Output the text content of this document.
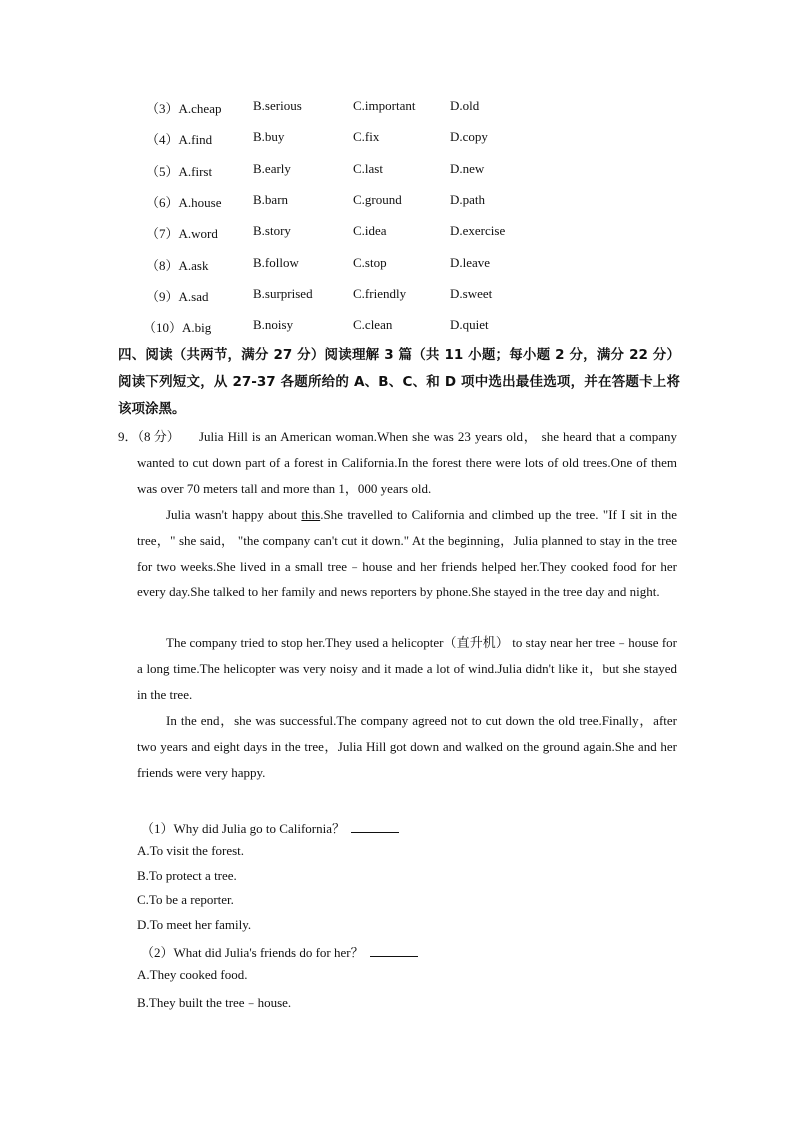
（3）A.cheap B.serious	C.important	D.old
（4）A.find	B.buy	C.fix	D.copy
（5）A.first	B.early	C.last	D.new
（6）A.house B.barn	C.ground	D.path
（7）A.word	B.story	C.idea	D.exercise
（8）A.ask	B.follow	C.stop	D.leave
（9）A.sad	B.surprised	C.friendly	D.sweet
（10）A.big	B.noisy	C.clean	D.quiet
四、阅读（共两节，满分 27 分）阅读理解 3 篇（共 11 小题；每小题 2 分，满分 22 分）阅读下列短文，从 27-37 各题所给的 A、B、C、和 D 项中选出最佳选项，并在答题卡上将该项涂黑。
9．（8 分）	Julia Hill is an American woman.When she was 23 years old， she heard that a company wanted to cut down part of a forest in California.In the forest there were lots of old trees.One of them was over 70 meters tall and more than 1，000 years old.
Julia wasn't happy about this.She travelled to California and climbed up the tree. "If I sit in the tree，" she said， "the company can't cut it down." At the beginning，Julia planned to stay in the tree for two weeks.She lived in a small tree﹣house and her friends helped her.They cooked food for her every day.She talked to her family and news reporters by phone.She stayed in the tree day and night.
The company tried to stop her.They used a helicopter（直升机） to stay near her tree﹣house for a long time.The helicopter was very noisy and it made a lot of wind.Julia didn't like it，but she stayed in the tree.
In the end，she was successful.The company agreed not to cut down the old tree.Finally，after two years and eight days in the tree，Julia Hill got down and walked on the ground again.She and her friends were very happy.
（1）Why did Julia go to California？
A.To visit the forest.
B.To protect a tree.
C.To be a reporter.
D.To meet her family.
（2）What did Julia's friends do for her？
A.They cooked food.
B.They built the tree﹣house.
